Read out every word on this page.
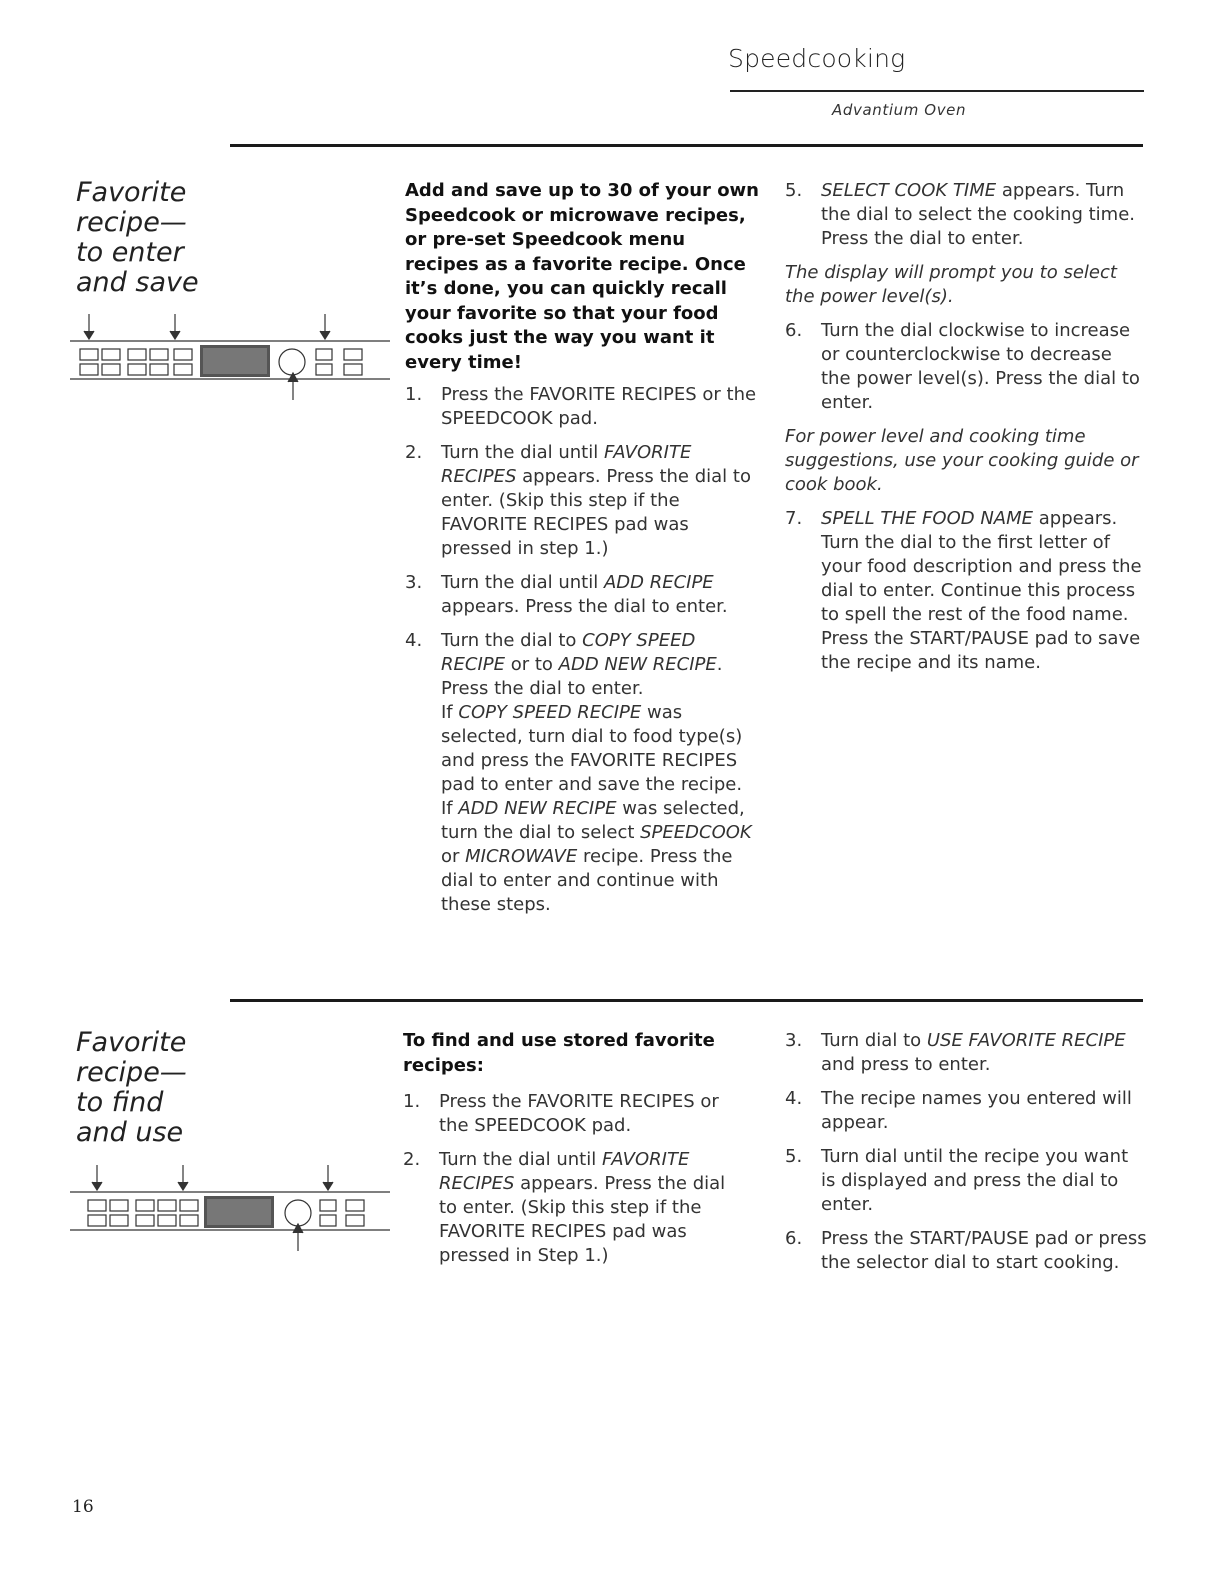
Speedcooking
Advantium Oven
Favorite
recipe—
to enter
and save

Add and save up to 30 of your own Speedcook or microwave recipes, or pre-set Speedcook menu recipes as a favorite recipe. Once it’s done, you can quickly recall your favorite so that your food cooks just the way you want it every time!

1.	Press the FAVORITE RECIPES or the SPEEDCOOK pad.
2.	Turn the dial until FAVORITE RECIPES appears. Press the dial to enter. (Skip this step if the FAVORITE RECIPES pad was pressed in step 1.)
3.	Turn the dial until ADD RECIPE appears. Press the dial to enter.
4.	Turn the dial to COPY SPEED RECIPE or to ADD NEW RECIPE. Press the dial to enter.

If COPY SPEED RECIPE was selected, turn dial to food type(s) and press the FAVORITE RECIPES pad to enter and save the recipe.

If ADD NEW RECIPE was selected, turn the dial to select SPEEDCOOK or MICROWAVE recipe. Press the dial to enter and continue with these steps.

5.	SELECT COOK TIME appears. Turn the dial to select the cooking time. Press the dial to enter.

The display will prompt you to select the power level(s).

6.	Turn the dial clockwise to increase or counterclockwise to decrease the power level(s). Press the dial to enter.

For power level and cooking time suggestions, use your cooking guide or cook book.

7.	SPELL THE FOOD NAME appears. Turn the dial to the first letter of your food description and press the dial to enter. Continue this process to spell the rest of the food name. Press the START/PAUSE pad to save the recipe and its name.
Favorite
recipe—
to find
and use

To find and use stored favorite recipes:

1.	Press the FAVORITE RECIPES or the SPEEDCOOK pad.
2.	Turn the dial until FAVORITE RECIPES appears. Press the dial to enter. (Skip this step if the FAVORITE RECIPES pad was pressed in Step 1.)
3.	Turn dial to USE FAVORITE RECIPE and press to enter.
4.	The recipe names you entered will appear.
5.	Turn dial until the recipe you want is displayed and press the dial to enter.
6.	Press the START/PAUSE pad or press the selector dial to start cooking.
16
